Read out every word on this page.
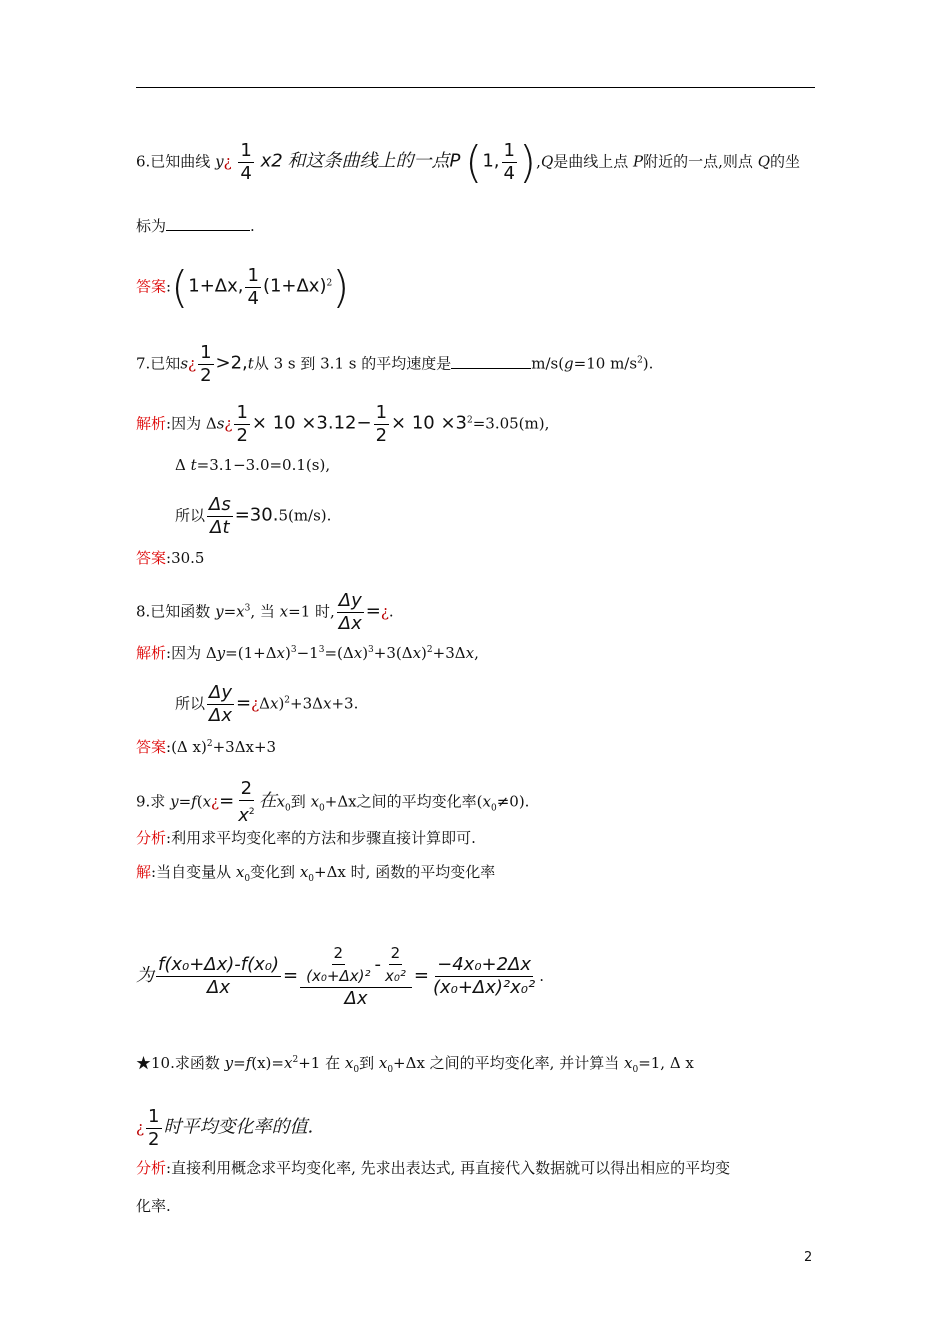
6.已知曲线 y¿ $\frac{1}{4} x2$ 和这条曲线上的一点P (1, $\frac{1}{4} ),Q$是曲线上点 P附近的一点,则点 Q的坐
标为	.
答案:(1+Δx, $\frac{1}{4} (1+\Delta x)^2$)
7.已知s¿ $\frac{1}{2} >2,t$从 3 s 到 3.1 s 的平均速度是	m/s(g=10 $m/s^2$).
解析:因为 Δs¿ $\frac{1}{2} \times 10 \times 3.12- \frac{1}{2} \times 10 \times 3^2=3.05(m)$,
Δ t=3.1−3.0=0.1(s),
所以 $\frac{\Delta s}{\Delta t} =30.5(m/s)$.
答案:30.5
8.已知函数 $y=x^3$, 当 x=1 时, $\frac{\Delta y}{\Delta x}$ =¿.
解析:因为 $\Delta y=(1+\Delta x)^3-1^3=(\Delta x)^3+3(\Delta x)^2+3\Delta x$,
所以 $\frac{\Delta y}{\Delta x}$ =¿Δx)$^2$+3Δx+3.
答案:(Δ x)$^2$+3Δx+3
9.求 y=f(x¿= $\frac{2}{x^2}$ 在$x_0$到 $x_0+\Delta x$之间的平均变化率$(x_0\ne 0)$.
分析:利用求平均变化率的方法和步骤直接计算即可.
解:当自变量从 $x_0$变化到 $x_0+\Delta x$ 时, 函数的平均变化率
为 $\frac{\text{f(x₀+Δx)-f(x₀)}}{\Delta x} = \frac{\frac{2}{\text{(x₀+Δx)²}} - \frac{2}{\text{x₀²}}}{\Delta x} = \frac{\text{−4x₀+2Δx}}{\text{(x₀+Δx)²x₀²}}$ .
★10.求函数 $y=f(x)=x^2+1$ 在 $x_0$到 $x_0+\Delta x$ 之间的平均变化率, 并计算当 $x_0=1$, Δ x
¿ $\frac{1}{2}$ 时平均变化率的值.
分析:直接利用概念求平均变化率, 先求出表达式, 再直接代入数据就可以得出相应的平均变
化率.
2
